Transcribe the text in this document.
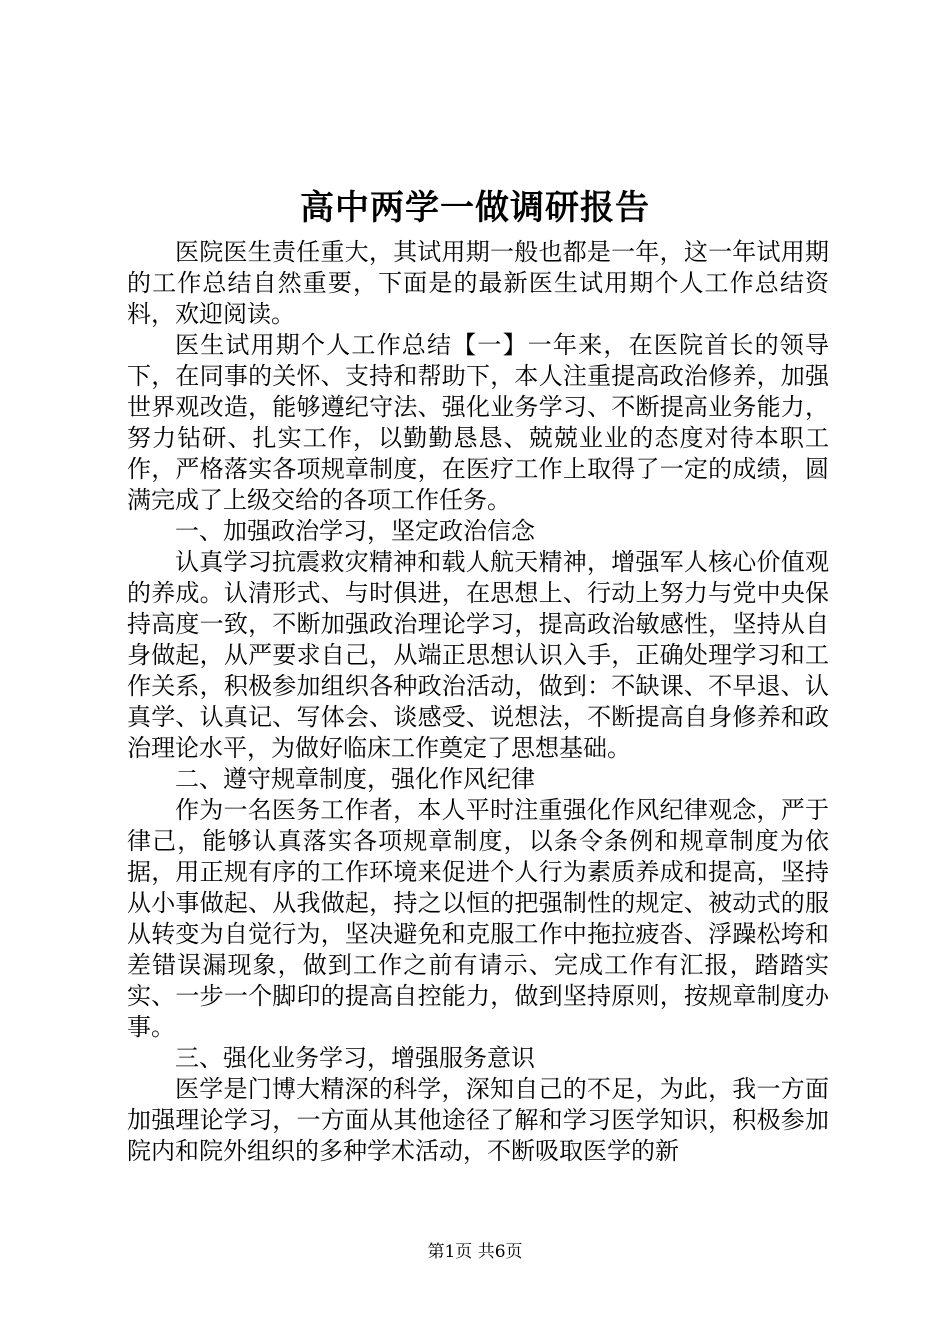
高中两学一做调研报告

医院医生责任重大，其试用期一般也都是一年，这一年试用期的工作总结自然重要，下面是的最新医生试用期个人工作总结资料，欢迎阅读。

医生试用期个人工作总结【一】一年来，在医院首长的领导下，在同事的关怀、支持和帮助下，本人注重提高政治修养，加强世界观改造，能够遵纪守法、强化业务学习、不断提高业务能力，努力钻研、扎实工作，以勤勤恳恳、兢兢业业的态度对待本职工作，严格落实各项规章制度，在医疗工作上取得了一定的成绩，圆满完成了上级交给的各项工作任务。

一、加强政治学习，坚定政治信念

认真学习抗震救灾精神和载人航天精神，增强军人核心价值观的养成。认清形式、与时俱进，在思想上、行动上努力与党中央保持高度一致，不断加强政治理论学习，提高政治敏感性，坚持从自身做起，从严要求自己，从端正思想认识入手，正确处理学习和工作关系，积极参加组织各种政治活动，做到：不缺课、不早退、认真学、认真记、写体会、谈感受、说想法，不断提高自身修养和政治理论水平，为做好临床工作奠定了思想基础。

二、遵守规章制度，强化作风纪律

作为一名医务工作者，本人平时注重强化作风纪律观念，严于律己，能够认真落实各项规章制度，以条令条例和规章制度为依据，用正规有序的工作环境来促进个人行为素质养成和提高，坚持从小事做起、从我做起，持之以恒的把强制性的规定、被动式的服从转变为自觉行为，坚决避免和克服工作中拖拉疲沓、浮躁松垮和差错误漏现象，做到工作之前有请示、完成工作有汇报，踏踏实实、一步一个脚印的提高自控能力，做到坚持原则，按规章制度办事。

三、强化业务学习，增强服务意识

医学是门博大精深的科学，深知自己的不足，为此，我一方面加强理论学习，一方面从其他途径了解和学习医学知识，积极参加院内和院外组织的多种学术活动，不断吸取医学的新

第1页 共6页
